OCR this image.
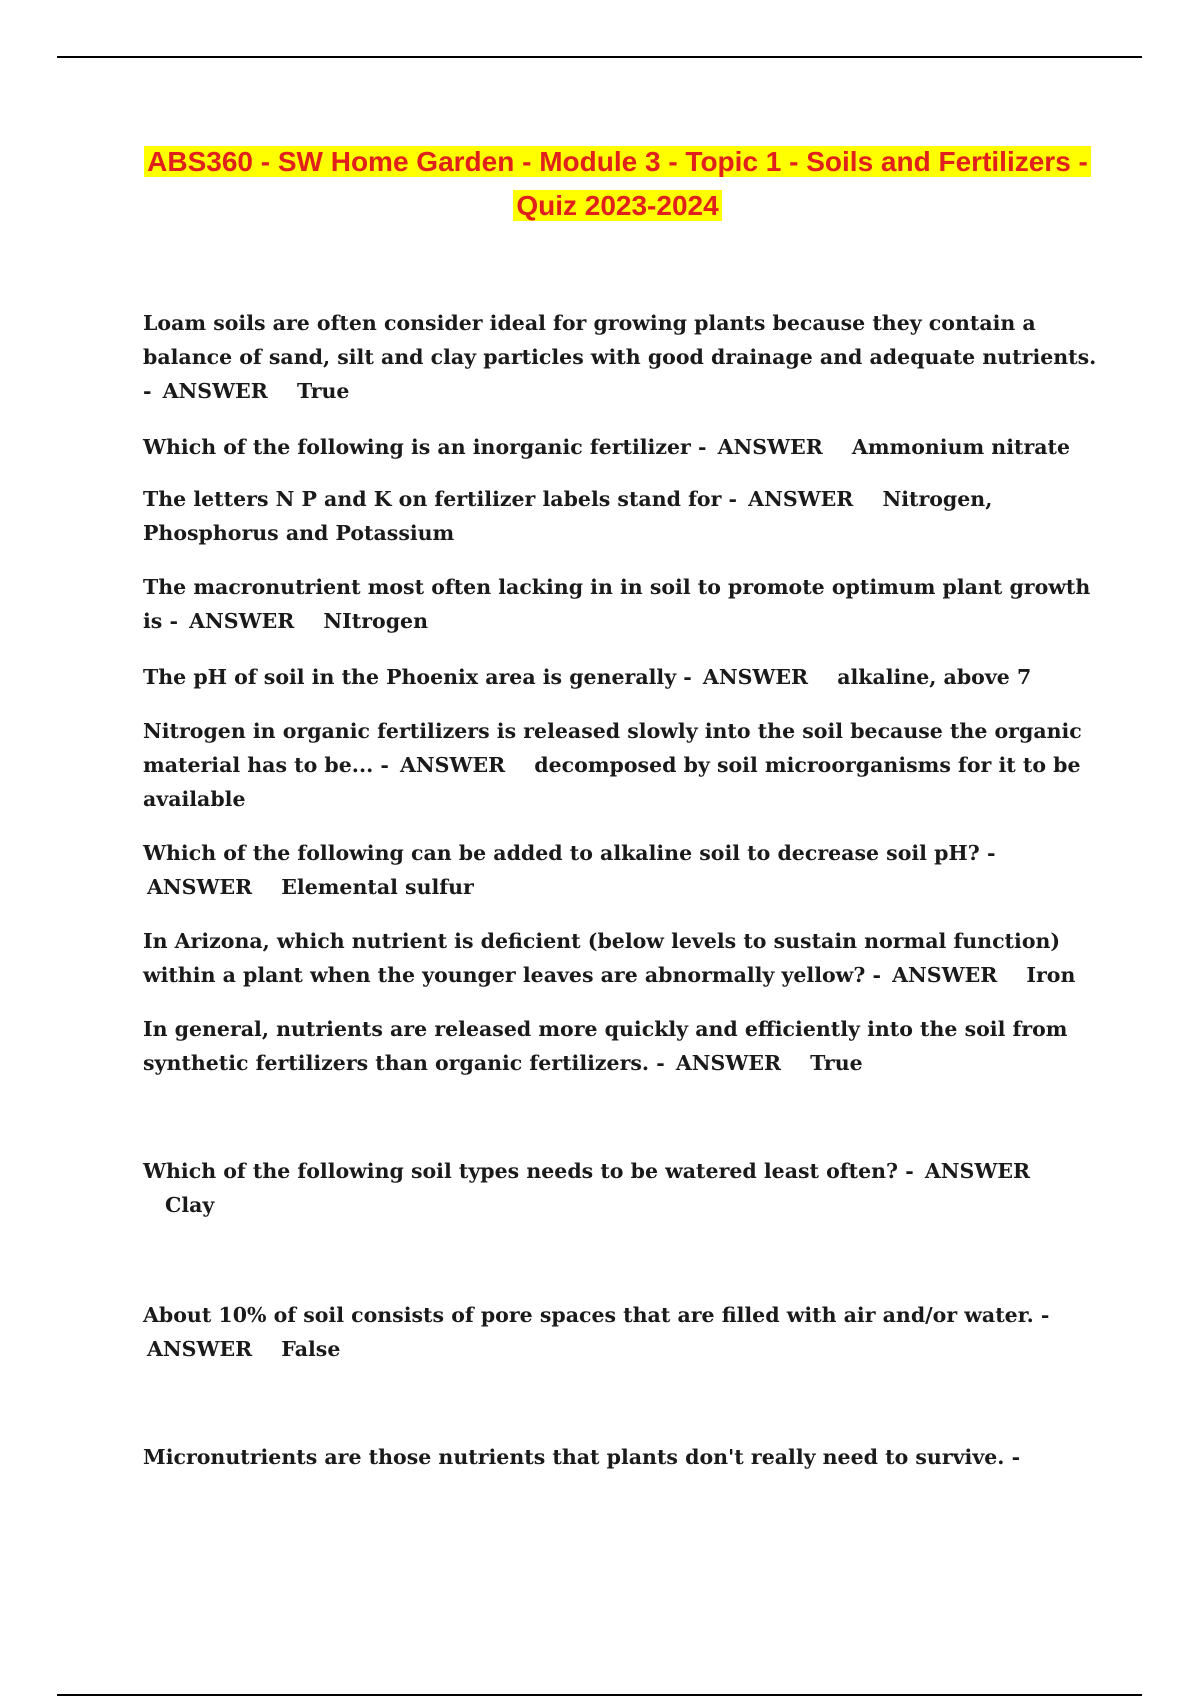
ABS360 - SW Home Garden - Module 3 - Topic 1 - Soils and Fertilizers - Quiz 2023-2024

Loam soils are often consider ideal for growing plants because they contain a balance of sand, silt and clay particles with good drainage and adequate nutrients. - ANSWER True

Which of the following is an inorganic fertilizer - ANSWER Ammonium nitrate

The letters N P and K on fertilizer labels stand for - ANSWER Nitrogen, Phosphorus and Potassium

The macronutrient most often lacking in in soil to promote optimum plant growth is - ANSWER NItrogen

The pH of soil in the Phoenix area is generally - ANSWER alkaline, above 7

Nitrogen in organic fertilizers is released slowly into the soil because the organic material has to be... - ANSWER decomposed by soil microorganisms for it to be available

Which of the following can be added to alkaline soil to decrease soil pH? - ANSWER Elemental sulfur

In Arizona, which nutrient is deficient (below levels to sustain normal function) within a plant when the younger leaves are abnormally yellow? - ANSWER Iron

In general, nutrients are released more quickly and efficiently into the soil from synthetic fertilizers than organic fertilizers. - ANSWER True

Which of the following soil types needs to be watered least often? - ANSWER Clay

About 10% of soil consists of pore spaces that are filled with air and/or water. - ANSWER False

Micronutrients are those nutrients that plants don't really need to survive. -
